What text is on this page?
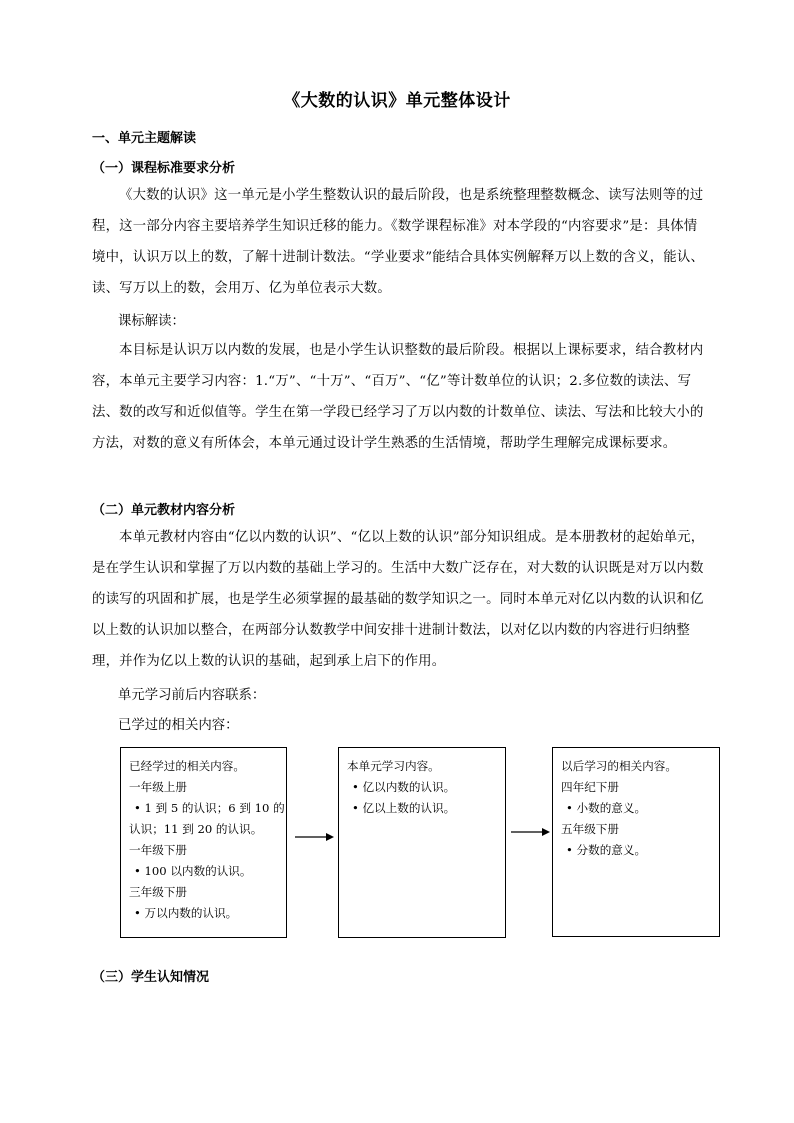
《大数的认识》单元整体设计
一、单元主题解读
（一）课程标准要求分析

《大数的认识》这一单元是小学生整数认识的最后阶段，也是系统整理整数概念、读写法则等的过程，这一部分内容主要培养学生知识迁移的能力。《数学课程标准》对本学段的“内容要求”是：具体情境中，认识万以上的数，了解十进制计数法。“学业要求”能结合具体实例解释万以上数的含义，能认、读、写万以上的数，会用万、亿为单位表示大数。

课标解读：

本目标是认识万以内数的发展，也是小学生认识整数的最后阶段。根据以上课标要求，结合教材内容，本单元主要学习内容：1.“万”、“十万”、“百万”、“亿”等计数单位的认识；2.多位数的读法、写法、数的改写和近似值等。学生在第一学段已经学习了万以内数的计数单位、读法、写法和比较大小的方法，对数的意义有所体会，本单元通过设计学生熟悉的生活情境，帮助学生理解完成课标要求。

（二）单元教材内容分析

本单元教材内容由“亿以内数的认识”、“亿以上数的认识”部分知识组成。是本册教材的起始单元，是在学生认识和掌握了万以内数的基础上学习的。生活中大数广泛存在，对大数的认识既是对万以内数的读写的巩固和扩展，也是学生必须掌握的最基础的数学知识之一。同时本单元对亿以内数的认识和亿以上数的认识加以整合，在两部分认数教学中间安排十进制计数法，以对亿以内数的内容进行归纳整理，并作为亿以上数的认识的基础，起到承上启下的作用。

单元学习前后内容联系：
已学过的相关内容：
已经学过的相关内容。
一年级上册
• 1 到 5 的认识；6 到 10 的
认识；11 到 20 的认识。
一年级下册
• 100 以内数的认识。
三年级下册
• 万以内数的认识。
本单元学习内容。
• 亿以内数的认识。
• 亿以上数的认识。
以后学习的相关内容。
四年纪下册
• 小数的意义。
五年级下册
• 分数的意义。
（三）学生认知情况
